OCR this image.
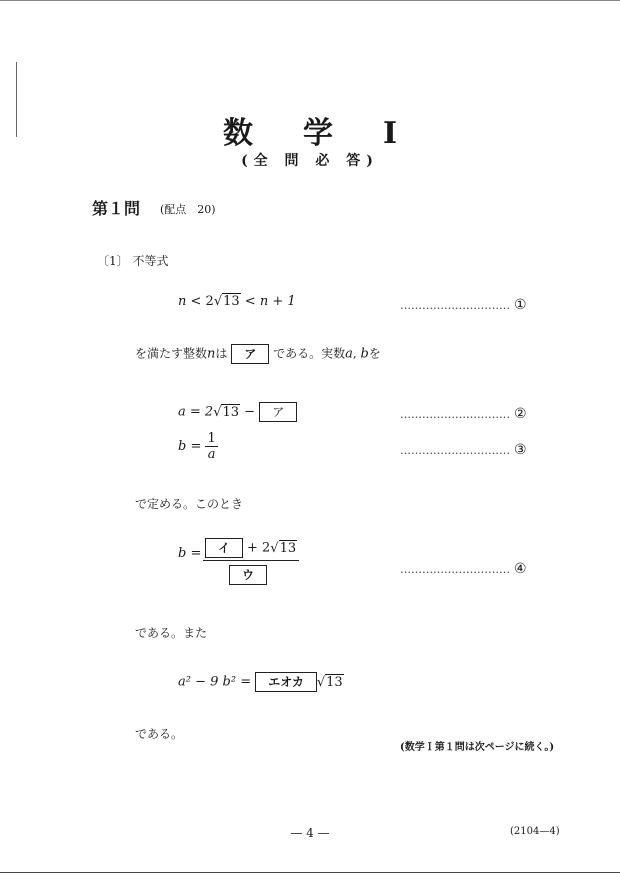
数 学 I
(全 問 必 答)
第１問 (配点　20)
〔1〕 不等式
n < 2√13 < n + 1	………………………… ①
を満たす整数nは ア である。実数a, bを
a = 2√13 − ア	………………………… ②
$b = \frac{1}{a}$	………………………… ③
で定める。このとき
b =	イ + 2√13
ウ	………………………… ④
である。また
a² − 9 b² = エオカ √13
である。
(数学Ｉ第１問は次ページに続く。)
— 4 —	(2104—4)
